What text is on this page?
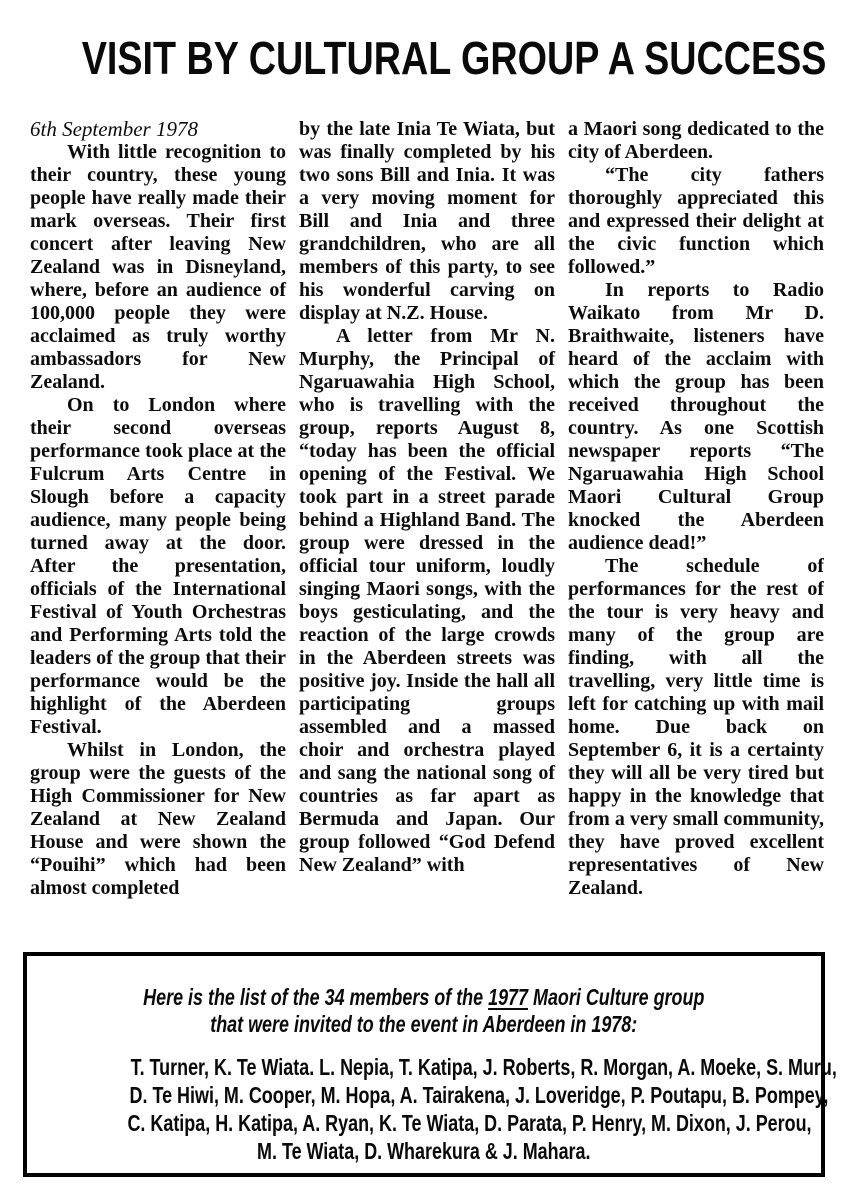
VISIT BY CULTURAL GROUP A SUCCESS

6th September 1978

With little recognition to their country, these young people have really made their mark overseas. Their first concert after leaving New Zealand was in Disneyland, where, before an audience of 100,000 people they were acclaimed as truly worthy ambassadors for New Zealand.

On to London where their second overseas performance took place at the Fulcrum Arts Centre in Slough before a capacity audience, many people being turned away at the door. After the presentation, officials of the International Festival of Youth Orchestras and Performing Arts told the leaders of the group that their performance would be the highlight of the Aberdeen Festival.

Whilst in London, the group were the guests of the High Commissioner for New Zealand at New Zealand House and were shown the “Pouihi” which had been almost completed

by the late Inia Te Wiata, but was finally completed by his two sons Bill and Inia. It was a very moving moment for Bill and Inia and three grandchildren, who are all members of this party, to see his wonderful carving on display at N.Z. House.

A letter from Mr N. Murphy, the Principal of Ngaruawahia High School, who is travelling with the group, reports August 8, “today has been the official opening of the Festival. We took part in a street parade behind a Highland Band. The group were dressed in the official tour uniform, loudly singing Maori songs, with the boys gesticulating, and the reaction of the large crowds in the Aberdeen streets was positive joy. Inside the hall all participating groups assembled and a massed choir and orchestra played and sang the national song of countries as far apart as Bermuda and Japan. Our group followed “God Defend New Zealand” with

a Maori song dedicated to the city of Aberdeen.

“The city fathers thoroughly appreciated this and expressed their delight at the civic function which followed.”

In reports to Radio Waikato from Mr D. Braithwaite, listeners have heard of the acclaim with which the group has been received throughout the country. As one Scottish newspaper reports “The Ngaruawahia High School Maori Cultural Group knocked the Aberdeen audience dead!”

The schedule of performances for the rest of the tour is very heavy and many of the group are finding, with all the travelling, very little time is left for catching up with mail home. Due back on September 6, it is a certainty they will all be very tired but happy in the knowledge that from a very small community, they have proved excellent representatives of New Zealand.

Here is the list of the 34 members of the 1977 Maori Culture group
that were invited to the event in Aberdeen in 1978:
T. Turner, K. Te Wiata. L. Nepia, T. Katipa, J. Roberts, R. Morgan, A. Moeke, S. Muru,
D. Te Hiwi, M. Cooper, M. Hopa, A. Tairakena, J. Loveridge, P. Poutapu, B. Pompey,
C. Katipa, H. Katipa, A. Ryan, K. Te Wiata, D. Parata, P. Henry, M. Dixon, J. Perou,
M. Te Wiata, D. Wharekura & J. Mahara.
